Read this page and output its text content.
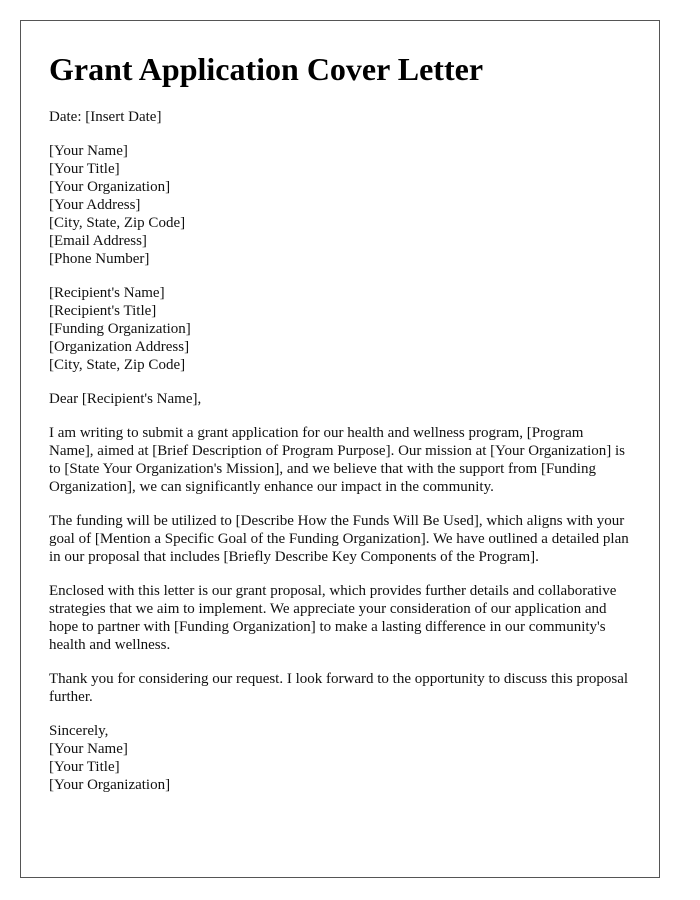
Grant Application Cover Letter

Date: [Insert Date]

[Your Name]

[Your Title]

[Your Organization]

[Your Address]

[City, State, Zip Code]

[Email Address]

[Phone Number]

[Recipient's Name]

[Recipient's Title]

[Funding Organization]

[Organization Address]

[City, State, Zip Code]

Dear [Recipient's Name],

I am writing to submit a grant application for our health and wellness program, [Program Name], aimed at [Brief Description of Program Purpose]. Our mission at [Your Organization] is to [State Your Organization's Mission], and we believe that with the support from [Funding Organization], we can significantly enhance our impact in the community.

The funding will be utilized to [Describe How the Funds Will Be Used], which aligns with your goal of [Mention a Specific Goal of the Funding Organization]. We have outlined a detailed plan in our proposal that includes [Briefly Describe Key Components of the Program].

Enclosed with this letter is our grant proposal, which provides further details and collaborative strategies that we aim to implement. We appreciate your consideration of our application and hope to partner with [Funding Organization] to make a lasting difference in our community's health and wellness.

Thank you for considering our request. I look forward to the opportunity to discuss this proposal further.

Sincerely,

[Your Name]

[Your Title]

[Your Organization]
